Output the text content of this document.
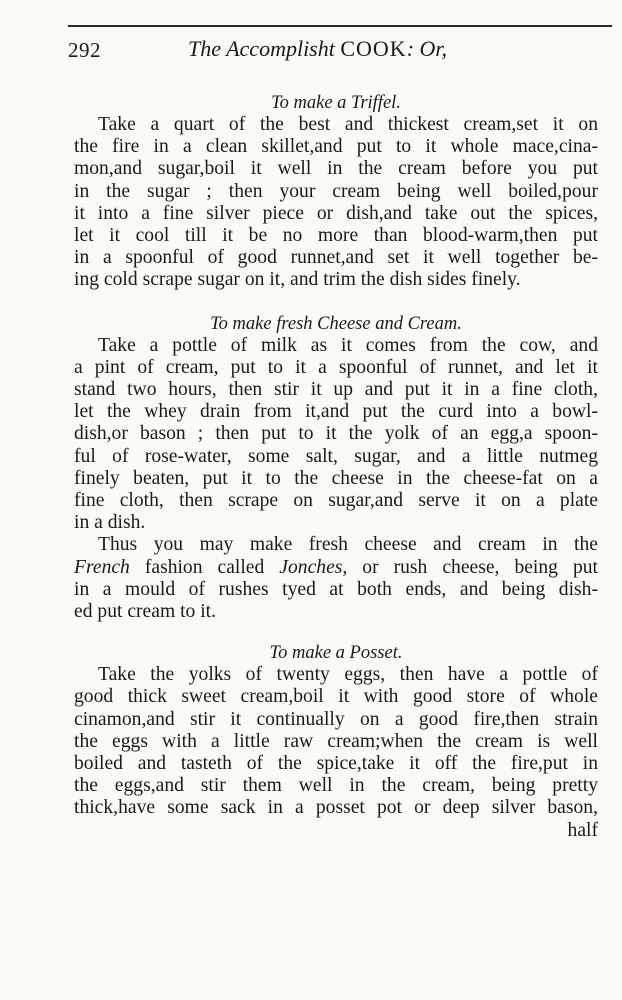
292	The Accomplisht COOK: Or,

To make a Triffel.

Take a quart of the best and thickest cream,set it on
the fire in a clean skillet,and put to it whole mace,cina-
mon,and sugar,boil it well in the cream before you put
in the sugar ; then your cream being well boiled,pour
it into a fine silver piece or dish,and take out the spices,
let it cool till it be no more than blood-warm,then put
in a spoonful of good runnet,and set it well together be-
ing cold scrape sugar on it, and trim the dish sides finely.

To make fresh Cheese and Cream.

Take a pottle of milk as it comes from the cow, and
a pint of cream, put to it a spoonful of runnet, and let it
stand two hours, then stir it up and put it in a fine cloth,
let the whey drain from it,and put the curd into a bowl-
dish,or bason ; then put to it the yolk of an egg,a spoon-
ful of rose-water, some salt, sugar, and a little nutmeg
finely beaten, put it to the cheese in the cheese-fat on a
fine cloth, then scrape on sugar,and serve it on a plate
in a dish.
Thus you may make fresh cheese and cream in the
French fashion called Jonches, or rush cheese, being put
in a mould of rushes tyed at both ends, and being dish-
ed put cream to it.

To make a Posset.

Take the yolks of twenty eggs, then have a pottle of
good thick sweet cream,boil it with good store of whole
cinamon,and stir it continually on a good fire,then strain
the eggs with a little raw cream;when the cream is well
boiled and tasteth of the spice,take it off the fire,put in
the eggs,and stir them well in the cream, being pretty
thick,have some sack in a posset pot or deep silver bason,
half
